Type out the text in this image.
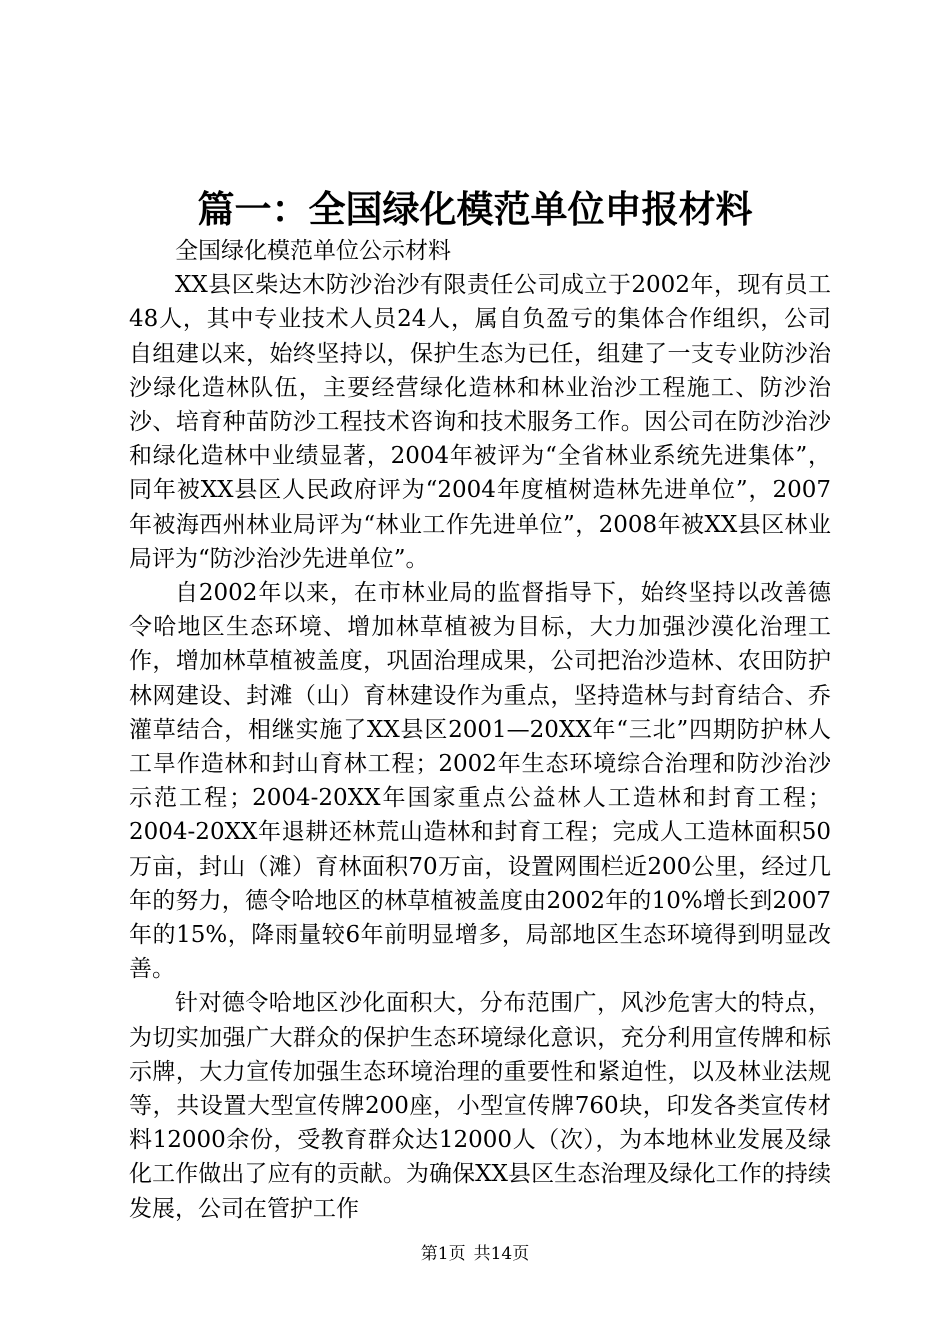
篇一：全国绿化模范单位申报材料

全国绿化模范单位公示材料

XX县区柴达木防沙治沙有限责任公司成立于2002年，现有员工48人，其中专业技术人员24人，属自负盈亏的集体合作组织，公司自组建以来，始终坚持以，保护生态为已任，组建了一支专业防沙治沙绿化造林队伍，主要经营绿化造林和林业治沙工程施工、防沙治沙、培育种苗防沙工程技术咨询和技术服务工作。因公司在防沙治沙和绿化造林中业绩显著，2004年被评为“全省林业系统先进集体”，同年被XX县区人民政府评为“2004年度植树造林先进单位”，2007年被海西州林业局评为“林业工作先进单位”，2008年被XX县区林业局评为“防沙治沙先进单位”。

自2002年以来，在市林业局的监督指导下，始终坚持以改善德令哈地区生态环境、增加林草植被为目标，大力加强沙漠化治理工作，增加林草植被盖度，巩固治理成果，公司把治沙造林、农田防护林网建设、封滩（山）育林建设作为重点，坚持造林与封育结合、乔灌草结合，相继实施了XX县区2001—20XX年“三北”四期防护林人工旱作造林和封山育林工程；2002年生态环境综合治理和防沙治沙示范工程；2004-20XX年国家重点公益林人工造林和封育工程；2004-20XX年退耕还林荒山造林和封育工程；完成人工造林面积50万亩，封山（滩）育林面积70万亩，设置网围栏近200公里，经过几年的努力，德令哈地区的林草植被盖度由2002年的10%增长到2007年的15%，降雨量较6年前明显增多，局部地区生态环境得到明显改善。

针对德令哈地区沙化面积大，分布范围广，风沙危害大的特点，为切实加强广大群众的保护生态环境绿化意识，充分利用宣传牌和标示牌，大力宣传加强生态环境治理的重要性和紧迫性，以及林业法规等，共设置大型宣传牌200座，小型宣传牌760块，印发各类宣传材料12000余份，受教育群众达12000人（次），为本地林业发展及绿化工作做出了应有的贡献。为确保XX县区生态治理及绿化工作的持续发展，公司在管护工作

第1页 共14页
